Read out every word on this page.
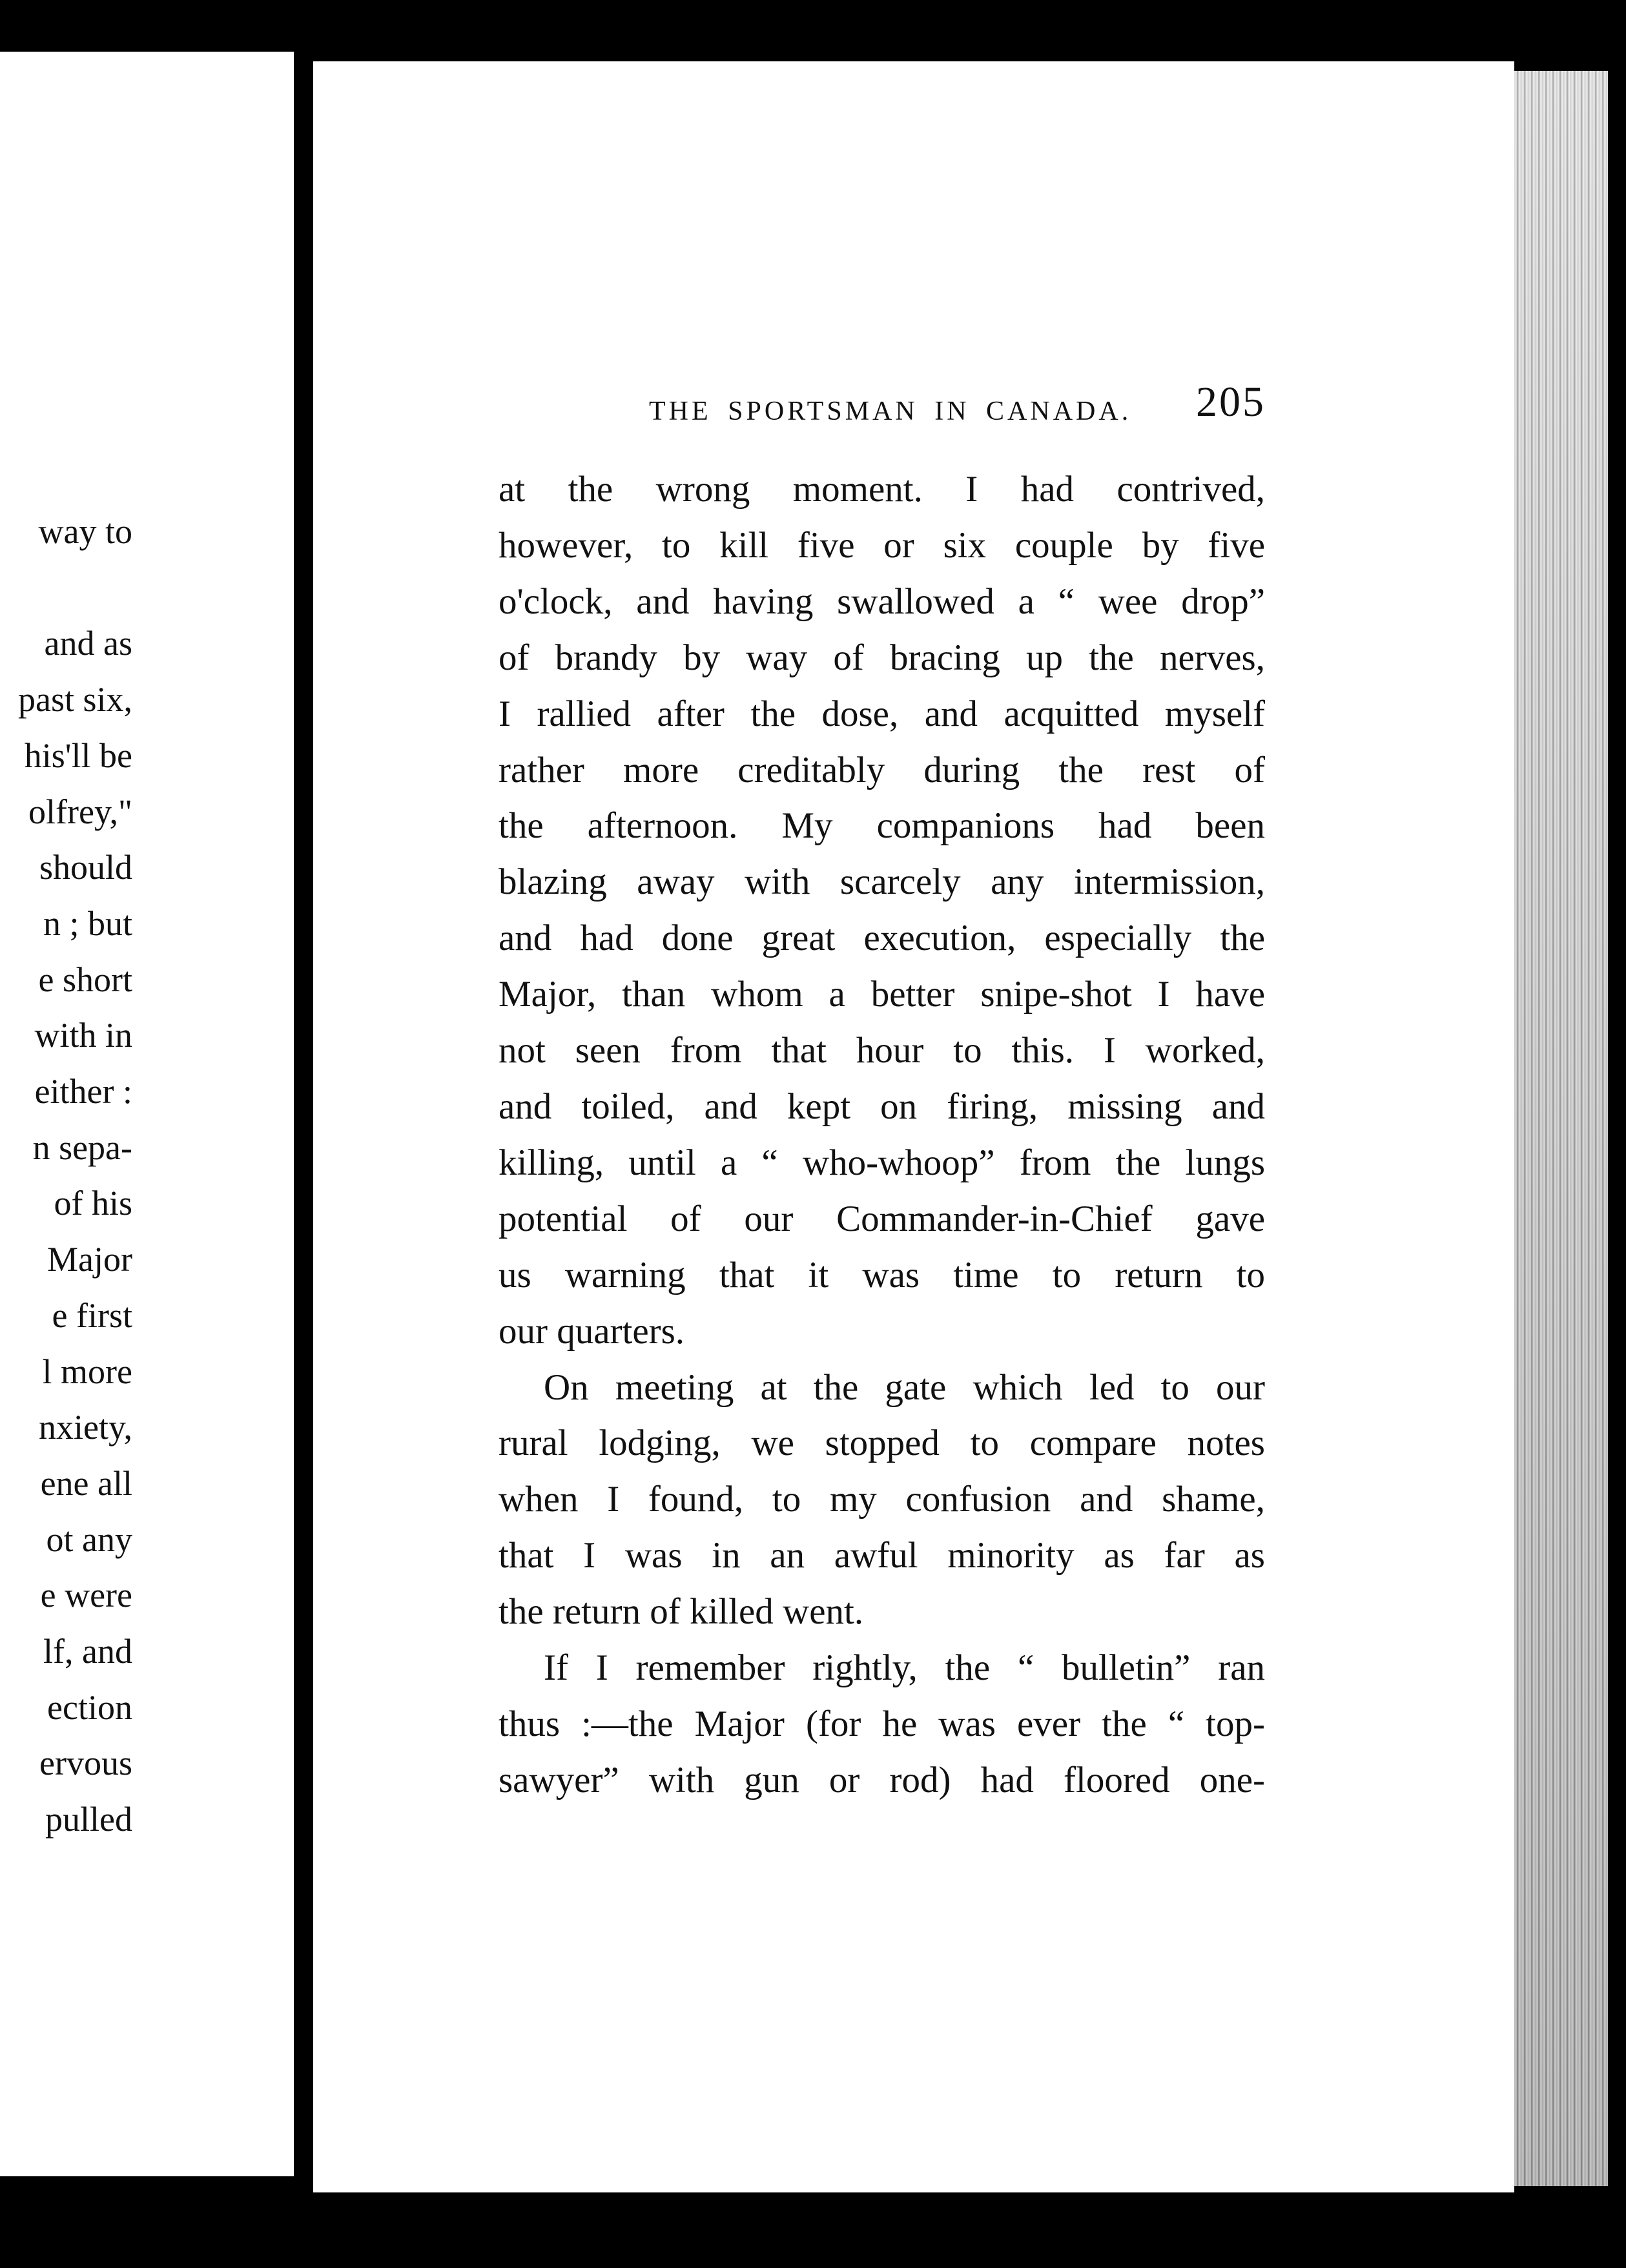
way to

and as
past six,
his'll be
olfrey,"
should
n ; but
e short
with in
either :
n sepa-
of his
Major
e first
l more
nxiety,
ene all
ot any
e were
lf, and
ection
ervous
pulled
THE SPORTSMAN IN CANADA. 205
at the wrong moment. I had contrived,
however, to kill five or six couple by five
o'clock, and having swallowed a “ wee drop”
of brandy by way of bracing up the nerves,
I rallied after the dose, and acquitted myself
rather more creditably during the rest of
the afternoon. My companions had been
blazing away with scarcely any intermission,
and had done great execution, especially the
Major, than whom a better snipe-shot I have
not seen from that hour to this. I worked,
and toiled, and kept on firing, missing and
killing, until a “ who-whoop” from the lungs
potential of our Commander-in-Chief gave
us warning that it was time to return to
our quarters.
On meeting at the gate which led to our
rural lodging, we stopped to compare notes
when I found, to my confusion and shame,
that I was in an awful minority as far as
the return of killed went.
If I remember rightly, the “ bulletin” ran
thus :—the Major (for he was ever the “ top-
sawyer” with gun or rod) had floored one-
